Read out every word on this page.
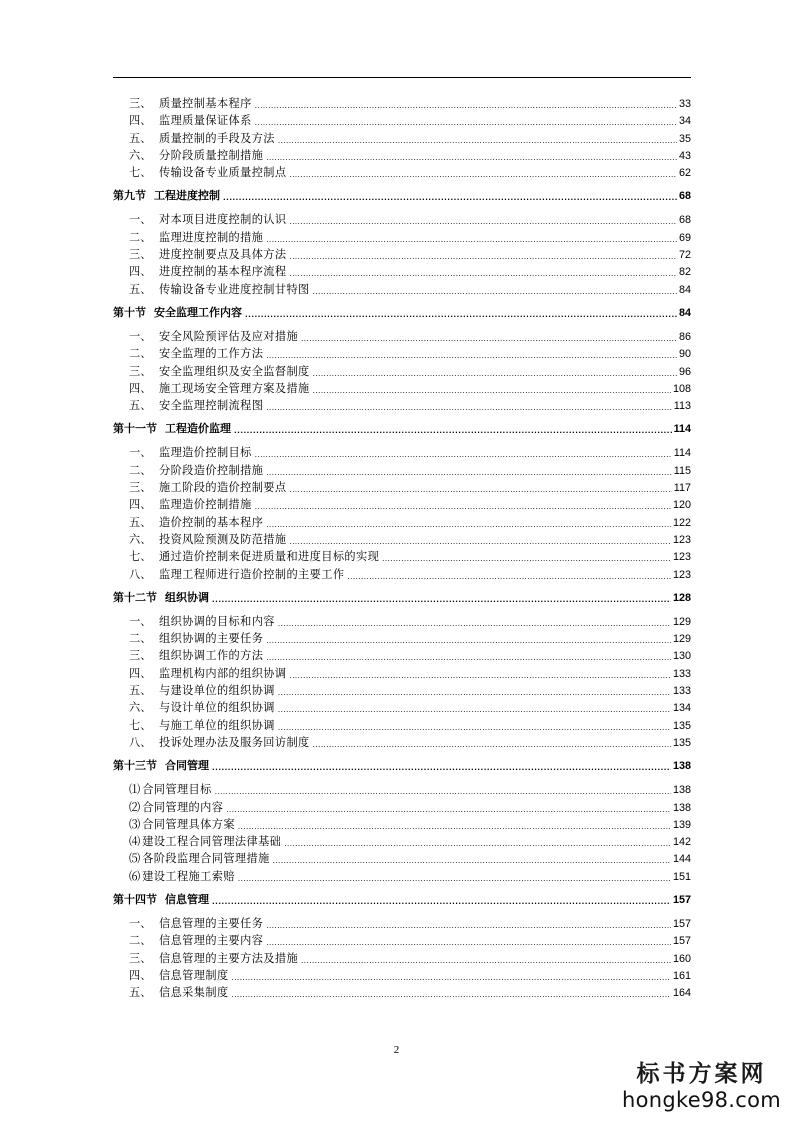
三、 质量控制基本程序 .....	33
四、 监理质量保证体系 .....	34
五、 质量控制的手段及方法 .....	35
六、 分阶段质量控制措施 .....	43
七、 传输设备专业质量控制点 .....	62
第九节 工程进度控制 .....	68
一、 对本项目进度控制的认识 .....	68
二、 监理进度控制的措施 .....	69
三、 进度控制要点及具体方法 .....	72
四、 进度控制的基本程序流程 .....	82
五、 传输设备专业进度控制甘特图 .....	84
第十节 安全监理工作内容 .....	84
一、 安全风险预评估及应对措施 .....	86
二、 安全监理的工作方法 .....	90
三、 安全监理组织及安全监督制度 .....	96
四、 施工现场安全管理方案及措施 .....	108
五、 安全监理控制流程图 .....	113
第十一节 工程造价监理 .....	114
一、 监理造价控制目标 .....	114
二、 分阶段造价控制措施 .....	115
三、 施工阶段的造价控制要点 .....	117
四、 监理造价控制措施 .....	120
五、 造价控制的基本程序 .....	122
六、 投资风险预测及防范措施 .....	123
七、 通过造价控制来促进质量和进度目标的实现 .....	123
八、 监理工程师进行造价控制的主要工作 .....	123
第十二节 组织协调 .....	128
一、 组织协调的目标和内容 .....	129
二、 组织协调的主要任务 .....	129
三、 组织协调工作的方法 .....	130
四、 监理机构内部的组织协调 .....	133
五、 与建设单位的组织协调 .....	133
六、 与设计单位的组织协调 .....	134
七、 与施工单位的组织协调 .....	135
八、 投诉处理办法及服务回访制度 .....	135
第十三节 合同管理 .....	138
⑴ 合同管理目标 .....	138
⑵ 合同管理的内容 .....	138
⑶ 合同管理具体方案 .....	139
⑷ 建设工程合同管理法律基础 .....	142
⑸ 各阶段监理合同管理措施 .....	144
⑹ 建设工程施工索赔 .....	151
第十四节 信息管理 .....	157
一、 信息管理的主要任务 .....	157
二、 信息管理的主要内容 .....	157
三、 信息管理的主要方法及措施 .....	160
四、 信息管理制度 .....	161
五、 信息采集制度 .....	164
2
标书方案网
hongke98.com
